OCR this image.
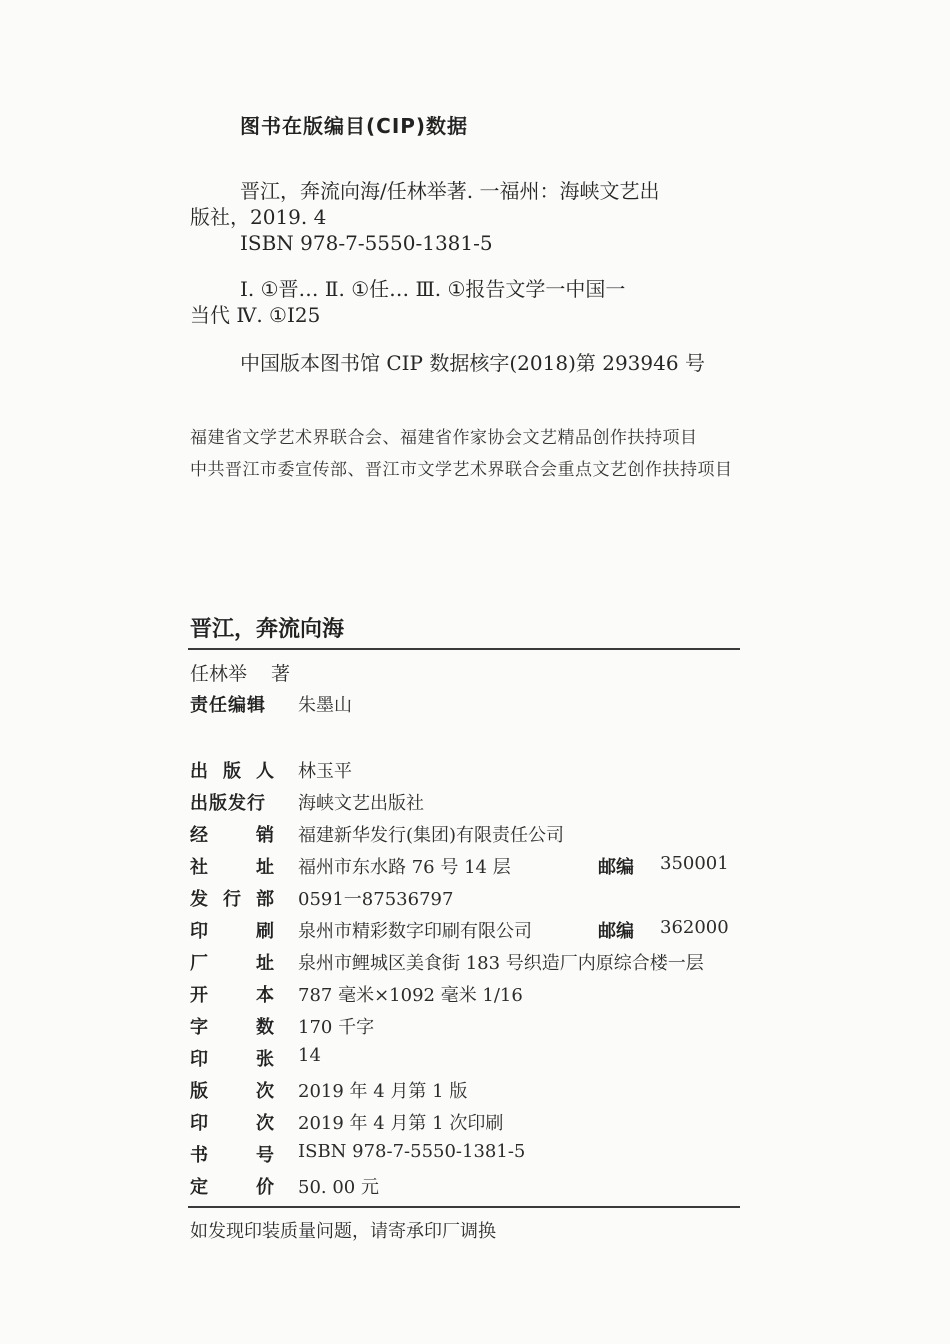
图书在版编目(CIP)数据
晋江，奔流向海/任林举著. 一福州：海峡文艺出
版社，2019. 4
ISBN 978-7-5550-1381-5
Ⅰ. ①晋… Ⅱ. ①任… Ⅲ. ①报告文学一中国一
当代 Ⅳ. ①I25
中国版本图书馆 CIP 数据核字(2018)第 293946 号
福建省文学艺术界联合会、福建省作家协会文艺精品创作扶持项目
中共晋江市委宣传部、晋江市文学艺术界联合会重点文艺创作扶持项目
晋江，奔流向海
任林举 著
责任编辑	朱墨山
出 版 人 林玉平
出版发行	海峡文艺出版社
经	销 福建新华发行(集团)有限责任公司
社	址 福州市东水路 76 号 14 层	邮编 350001
发 行 部 0591一87536797
印	刷 泉州市精彩数字印刷有限公司	邮编 362000
厂	址 泉州市鲤城区美食街 183 号织造厂内原综合楼一层
开	本 787 毫米×1092 毫米 1/16
字	数 170 千字
印	张 14
版	次 2019 年 4 月第 1 版
印	次 2019 年 4 月第 1 次印刷
书	号 ISBN 978-7-5550-1381-5
定	价 50. 00 元
如发现印装质量问题，请寄承印厂调换
